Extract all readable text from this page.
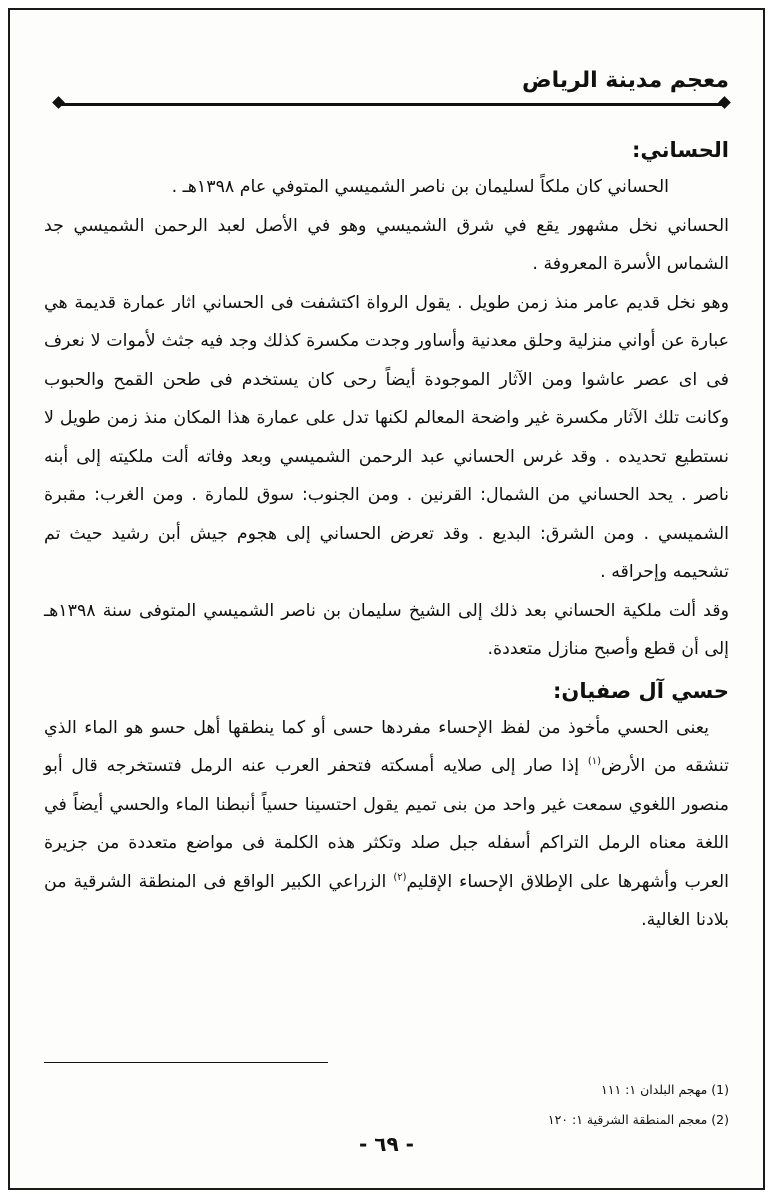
معجم مدينة الرياض
الحساني:

الحساني كان ملكاً لسليمان بن ناصر الشميسي المتوفي عام ١٣٩٨هـ .

الحساني نخل مشهور يقع في شرق الشميسي وهو في الأصل لعبد الرحمن الشميسي جد الشماس الأسرة المعروفة .

وهو نخل قديم عامر منذ زمن طويل . يقول الرواة اكتشفت فى الحساني اثار عمارة قديمة هي عبارة عن أواني منزلية وحلق معدنية وأساور وجدت مكسرة كذلك وجد فيه جثث لأموات لا نعرف فى اى عصر عاشوا ومن الآثار الموجودة أيضاً رحى كان يستخدم فى طحن القمح والحبوب وكانت تلك الآثار مكسرة غير واضحة المعالم لكنها تدل على عمارة هذا المكان منذ زمن طويل لا نستطيع تحديده . وقد غرس الحساني عبد الرحمن الشميسي وبعد وفاته ألت ملكيته إلى أبنه ناصر . يحد الحساني من الشمال: القرنين . ومن الجنوب: سوق للمارة . ومن الغرب: مقبرة الشميسي . ومن الشرق: البديع . وقد تعرض الحساني إلى هجوم جيش أبن رشيد حيث تم تشحيمه وإحراقه .

وقد ألت ملكية الحساني بعد ذلك إلى الشيخ سليمان بن ناصر الشميسي المتوفى سنة ١٣٩٨هـ إلى أن قطع وأصبح منازل متعددة.

حسي آل صفيان:

يعنى الحسي مأخوذ من لفظ الإحساء مفردها حسى أو كما ينطقها أهل حسو هو الماء الذي تنشقه من الأرض$^{(١)}$ إذا صار إلى صلايه أمسكته فتحفر العرب عنه الرمل فتستخرجه قال أبو منصور اللغوي سمعت غير واحد من بنى تميم يقول احتسينا حسياً أنبطنا الماء والحسي أيضاً في اللغة معناه الرمل التراكم أسفله جبل صلد وتكثر هذه الكلمة فى مواضع متعددة من جزيرة العرب وأشهرها على الإطلاق الإحساء الإقليم$^{(٢)}$ الزراعي الكبير الواقع فى المنطقة الشرقية من بلادنا الغالية.

(1) مهجم البلدان ١: ١١١
(2) معجم المنطقة الشرقية ١: ١٢٠
- ٦٩ -
